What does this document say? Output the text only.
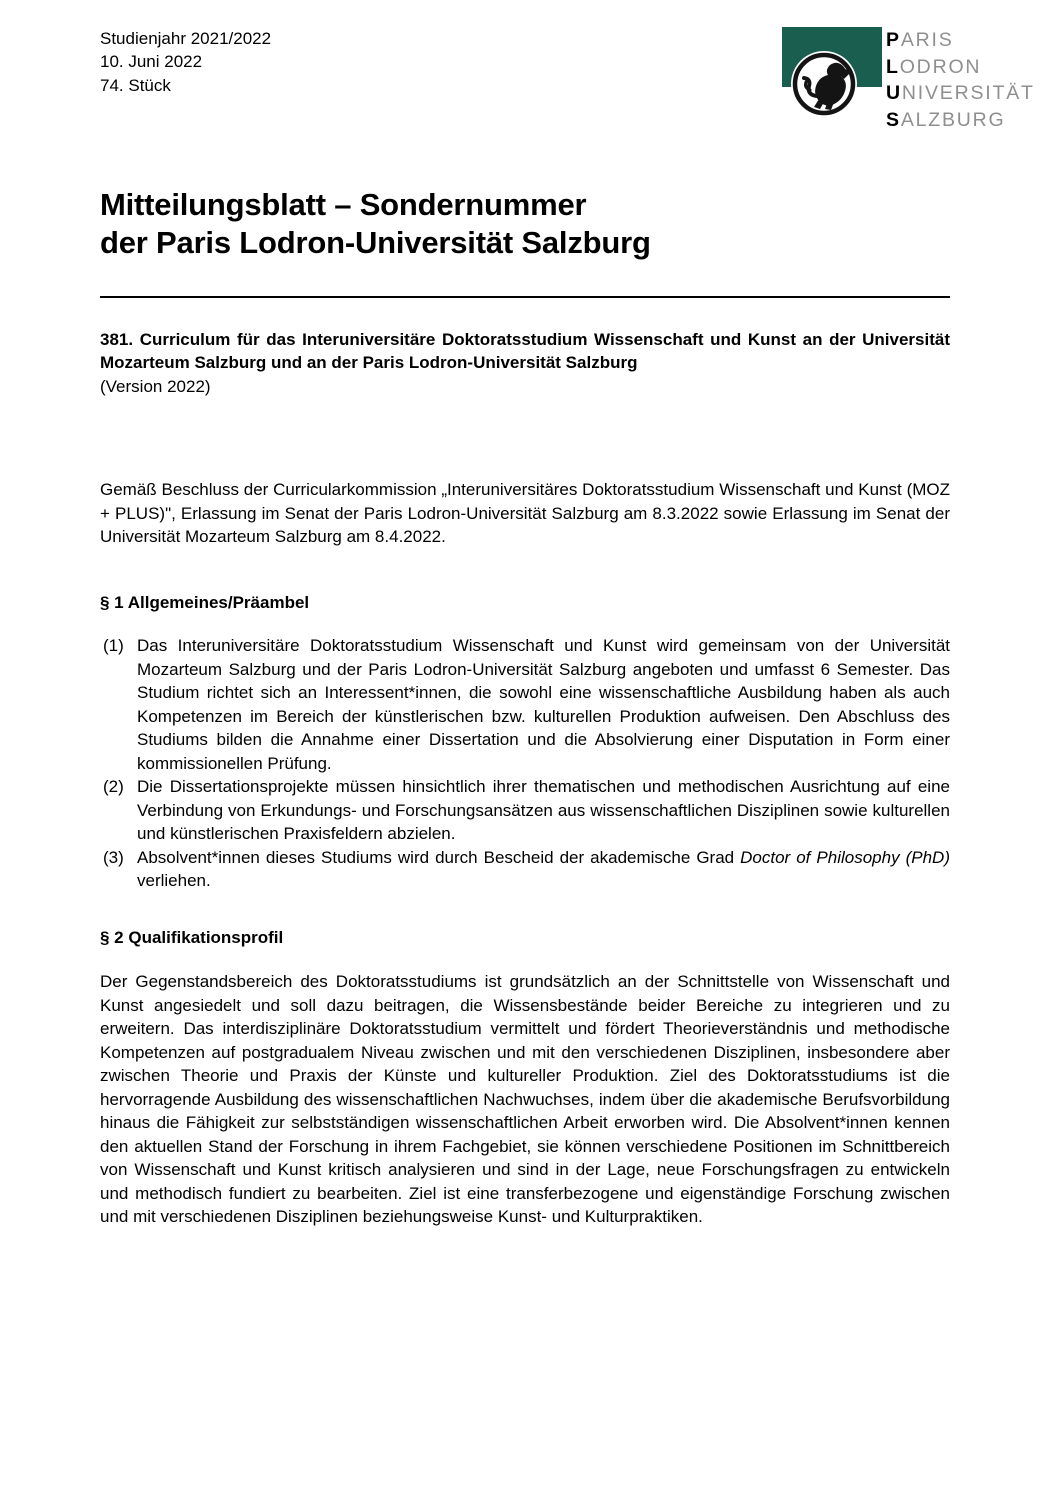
Studienjahr 2021/2022
10. Juni 2022
74. Stück
PARIS
LODRON
UNIVERSITÄT
SALZBURG
Mitteilungsblatt – Sondernummer
der Paris Lodron-Universität Salzburg
381. Curriculum für das Interuniversitäre Doktoratsstudium Wissenschaft und Kunst an der Universität Mozarteum Salzburg und an der Paris Lodron-Universität Salzburg
(Version 2022)

Gemäß Beschluss der Curricularkommission „Interuniversitäres Doktoratsstudium Wissenschaft und Kunst (MOZ + PLUS)", Erlassung im Senat der Paris Lodron-Universität Salzburg am 8.3.2022 sowie Erlassung im Senat der Universität Mozarteum Salzburg am 8.4.2022.

§ 1 Allgemeines/Präambel
(1) Das Interuniversitäre Doktoratsstudium Wissenschaft und Kunst wird gemeinsam von der Universität Mozarteum Salzburg und der Paris Lodron-Universität Salzburg angeboten und umfasst 6 Semester. Das Studium richtet sich an Interessent*innen, die sowohl eine wissenschaftliche Ausbildung haben als auch Kompetenzen im Bereich der künstlerischen bzw. kulturellen Produktion aufweisen. Den Abschluss des Studiums bilden die Annahme einer Dissertation und die Absolvierung einer Disputation in Form einer kommissionellen Prüfung.
(2) Die Dissertationsprojekte müssen hinsichtlich ihrer thematischen und methodischen Ausrichtung auf eine Verbindung von Erkundungs- und Forschungsansätzen aus wissenschaftlichen Disziplinen sowie kulturellen und künstlerischen Praxisfeldern abzielen.
(3) Absolvent*innen dieses Studiums wird durch Bescheid der akademische Grad Doctor of Philosophy (PhD) verliehen.
§ 2 Qualifikationsprofil

Der Gegenstandsbereich des Doktoratsstudiums ist grundsätzlich an der Schnittstelle von Wissenschaft und Kunst angesiedelt und soll dazu beitragen, die Wissensbestände beider Bereiche zu integrieren und zu erweitern. Das interdisziplinäre Doktoratsstudium vermittelt und fördert Theorieverständnis und methodische Kompetenzen auf postgradualem Niveau zwischen und mit den verschiedenen Disziplinen, insbesondere aber zwischen Theorie und Praxis der Künste und kultureller Produktion. Ziel des Doktoratsstudiums ist die hervorragende Ausbildung des wissenschaftlichen Nachwuchses, indem über die akademische Berufsvorbildung hinaus die Fähigkeit zur selbstständigen wissenschaftlichen Arbeit erworben wird. Die Absolvent*innen kennen den aktuellen Stand der Forschung in ihrem Fachgebiet, sie können verschiedene Positionen im Schnittbereich von Wissenschaft und Kunst kritisch analysieren und sind in der Lage, neue Forschungsfragen zu entwickeln und methodisch fundiert zu bearbeiten. Ziel ist eine transferbezogene und eigenständige Forschung zwischen und mit verschiedenen Disziplinen beziehungsweise Kunst- und Kulturpraktiken.
